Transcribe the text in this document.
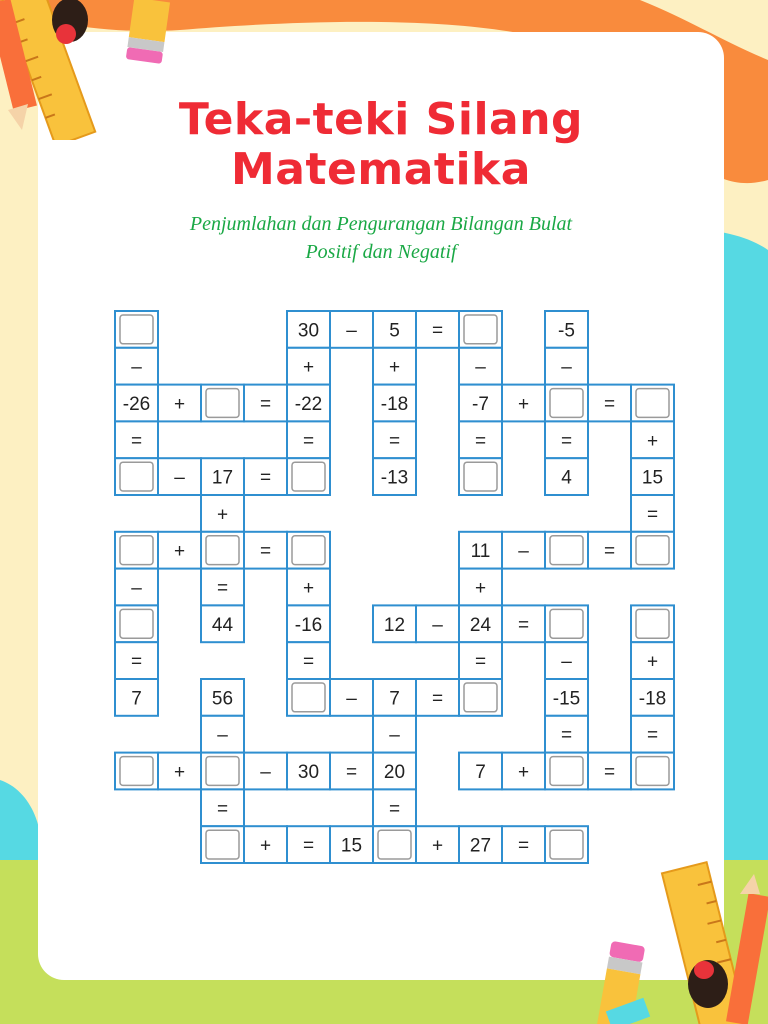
Teka-teki Silang
Matematika
Penjumlahan dan Pengurangan Bilangan Bulat
Positif dan Negatif
–
-26
=
–
=
7
+
–
+
+
17
+
=
44
56
–
=
=
=
=
–
+
30
+
-22
=
+
-16
=
30
=
–
–
=
15
5
+
-18
=
-13
12
7
–
20
=
=
–
=
+
–
-7
=
11
+
24
=
7
27
+
–
=
+
=
-5
–
=
4
–
-15
=
=
=
=
+
15
=
+
-18
=
